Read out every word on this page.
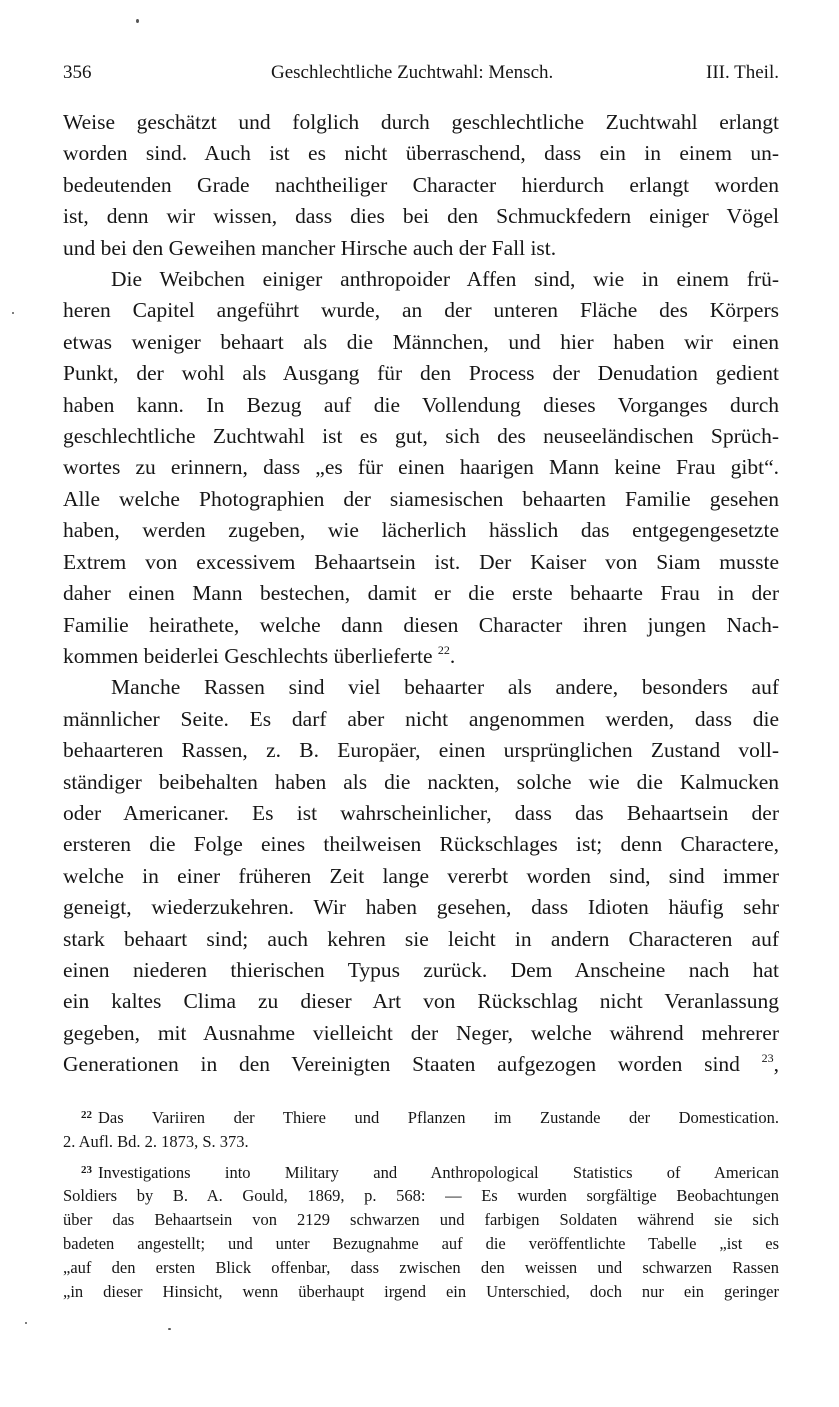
356	Geschlechtliche Zuchtwahl: Mensch.	III. Theil.

Weise geschätzt und folglich durch geschlechtliche Zuchtwahl erlangt
worden sind. Auch ist es nicht überraschend, dass ein in einem un-
bedeutenden Grade nachtheiliger Character hierdurch erlangt worden
ist, denn wir wissen, dass dies bei den Schmuckfedern einiger Vögel
und bei den Geweihen mancher Hirsche auch der Fall ist.

Die Weibchen einiger anthropoider Affen sind, wie in einem frü-
heren Capitel angeführt wurde, an der unteren Fläche des Körpers
etwas weniger behaart als die Männchen, und hier haben wir einen
Punkt, der wohl als Ausgang für den Process der Denudation gedient
haben kann. In Bezug auf die Vollendung dieses Vorganges durch
geschlechtliche Zuchtwahl ist es gut, sich des neuseeländischen Sprüch-
wortes zu erinnern, dass „es für einen haarigen Mann keine Frau gibt“.
Alle welche Photographien der siamesischen behaarten Familie gesehen
haben, werden zugeben, wie lächerlich hässlich das entgegengesetzte
Extrem von excessivem Behaartsein ist. Der Kaiser von Siam musste
daher einen Mann bestechen, damit er die erste behaarte Frau in der
Familie heirathete, welche dann diesen Character ihren jungen Nach-
kommen beiderlei Geschlechts überlieferte $^{22}$.

Manche Rassen sind viel behaarter als andere, besonders auf
männlicher Seite. Es darf aber nicht angenommen werden, dass die
behaarteren Rassen, z. B. Europäer, einen ursprünglichen Zustand voll-
ständiger beibehalten haben als die nackten, solche wie die Kalmucken
oder Americaner. Es ist wahrscheinlicher, dass das Behaartsein der
ersteren die Folge eines theilweisen Rückschlages ist; denn Charactere,
welche in einer früheren Zeit lange vererbt worden sind, sind immer
geneigt, wiederzukehren. Wir haben gesehen, dass Idioten häufig sehr
stark behaart sind; auch kehren sie leicht in andern Characteren auf
einen niederen thierischen Typus zurück. Dem Anscheine nach hat
ein kaltes Clima zu dieser Art von Rückschlag nicht Veranlassung
gegeben, mit Ausnahme vielleicht der Neger, welche während mehrerer
Generationen in den Vereinigten Staaten aufgezogen worden sind $^{23}$,

$^{22}$ Das Variiren der Thiere und Pflanzen im Zustande der Domestication.
2. Aufl. Bd. 2. 1873, S. 373.
$^{23}$ Investigations into Military and Anthropological Statistics of American
Soldiers by B. A. Gould, 1869, p. 568: — Es wurden sorgfältige Beobachtungen
über das Behaartsein von 2129 schwarzen und farbigen Soldaten während sie sich
badeten angestellt; und unter Bezugnahme auf die veröffentlichte Tabelle „ist es
„auf den ersten Blick offenbar, dass zwischen den weissen und schwarzen Rassen
„in dieser Hinsicht, wenn überhaupt irgend ein Unterschied, doch nur ein geringer
